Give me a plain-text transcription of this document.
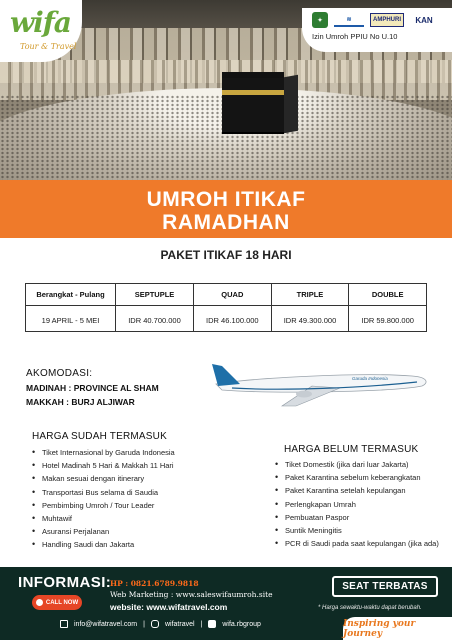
wifa
Tour & Travel
✦	≋	AMPHURI	KAN
Izin Umroh PPIU No U.10
UMROH ITIKAF
RAMADHAN
PAKET ITIKAF 18 HARI
Berangkat - Pulang	SEPTUPLE	QUAD	TRIPLE	DOUBLE

19 APRIL - 5 MEI	IDR 40.700.000	IDR 46.100.000	IDR 49.300.000	IDR 59.800.000
AKOMODASI:
MADINAH : PROVINCE AL SHAM
MAKKAH : BURJ ALJIWAR
Garuda Indonesia
HARGA SUDAH TERMASUK
• Tiket Internasional by Garuda Indonesia
• Hotel Madinah 5 Hari & Makkah 11 Hari
• Makan sesuai dengan itinerary
• Transportasi Bus selama di Saudia
• Pembimbing Umroh / Tour Leader
• Muhtawif
• Asuransi Perjalanan
• Handling Saudi dan Jakarta
HARGA BELUM TERMASUK
• Tiket Domestik (jika dari luar Jakarta)
• Paket Karantina sebelum keberangkatan
• Paket Karantina setelah kepulangan
• Perlengkapan Umrah
• Pembuatan Paspor
• Suntik Meningitis
• PCR di Saudi pada saat kepulangan (jika ada)
INFORMASI:
CALL NOW
HP : 0821.6789.9818
Web Marketing : www.saleswifaumroh.site
website: www.wifatravel.com
SEAT TERBATAS
* Harga sewaktu-waktu dapat berubah.
info@wifatravel.com |	wifatravel |	wifa.rbgroup	Inspiring your Journey
